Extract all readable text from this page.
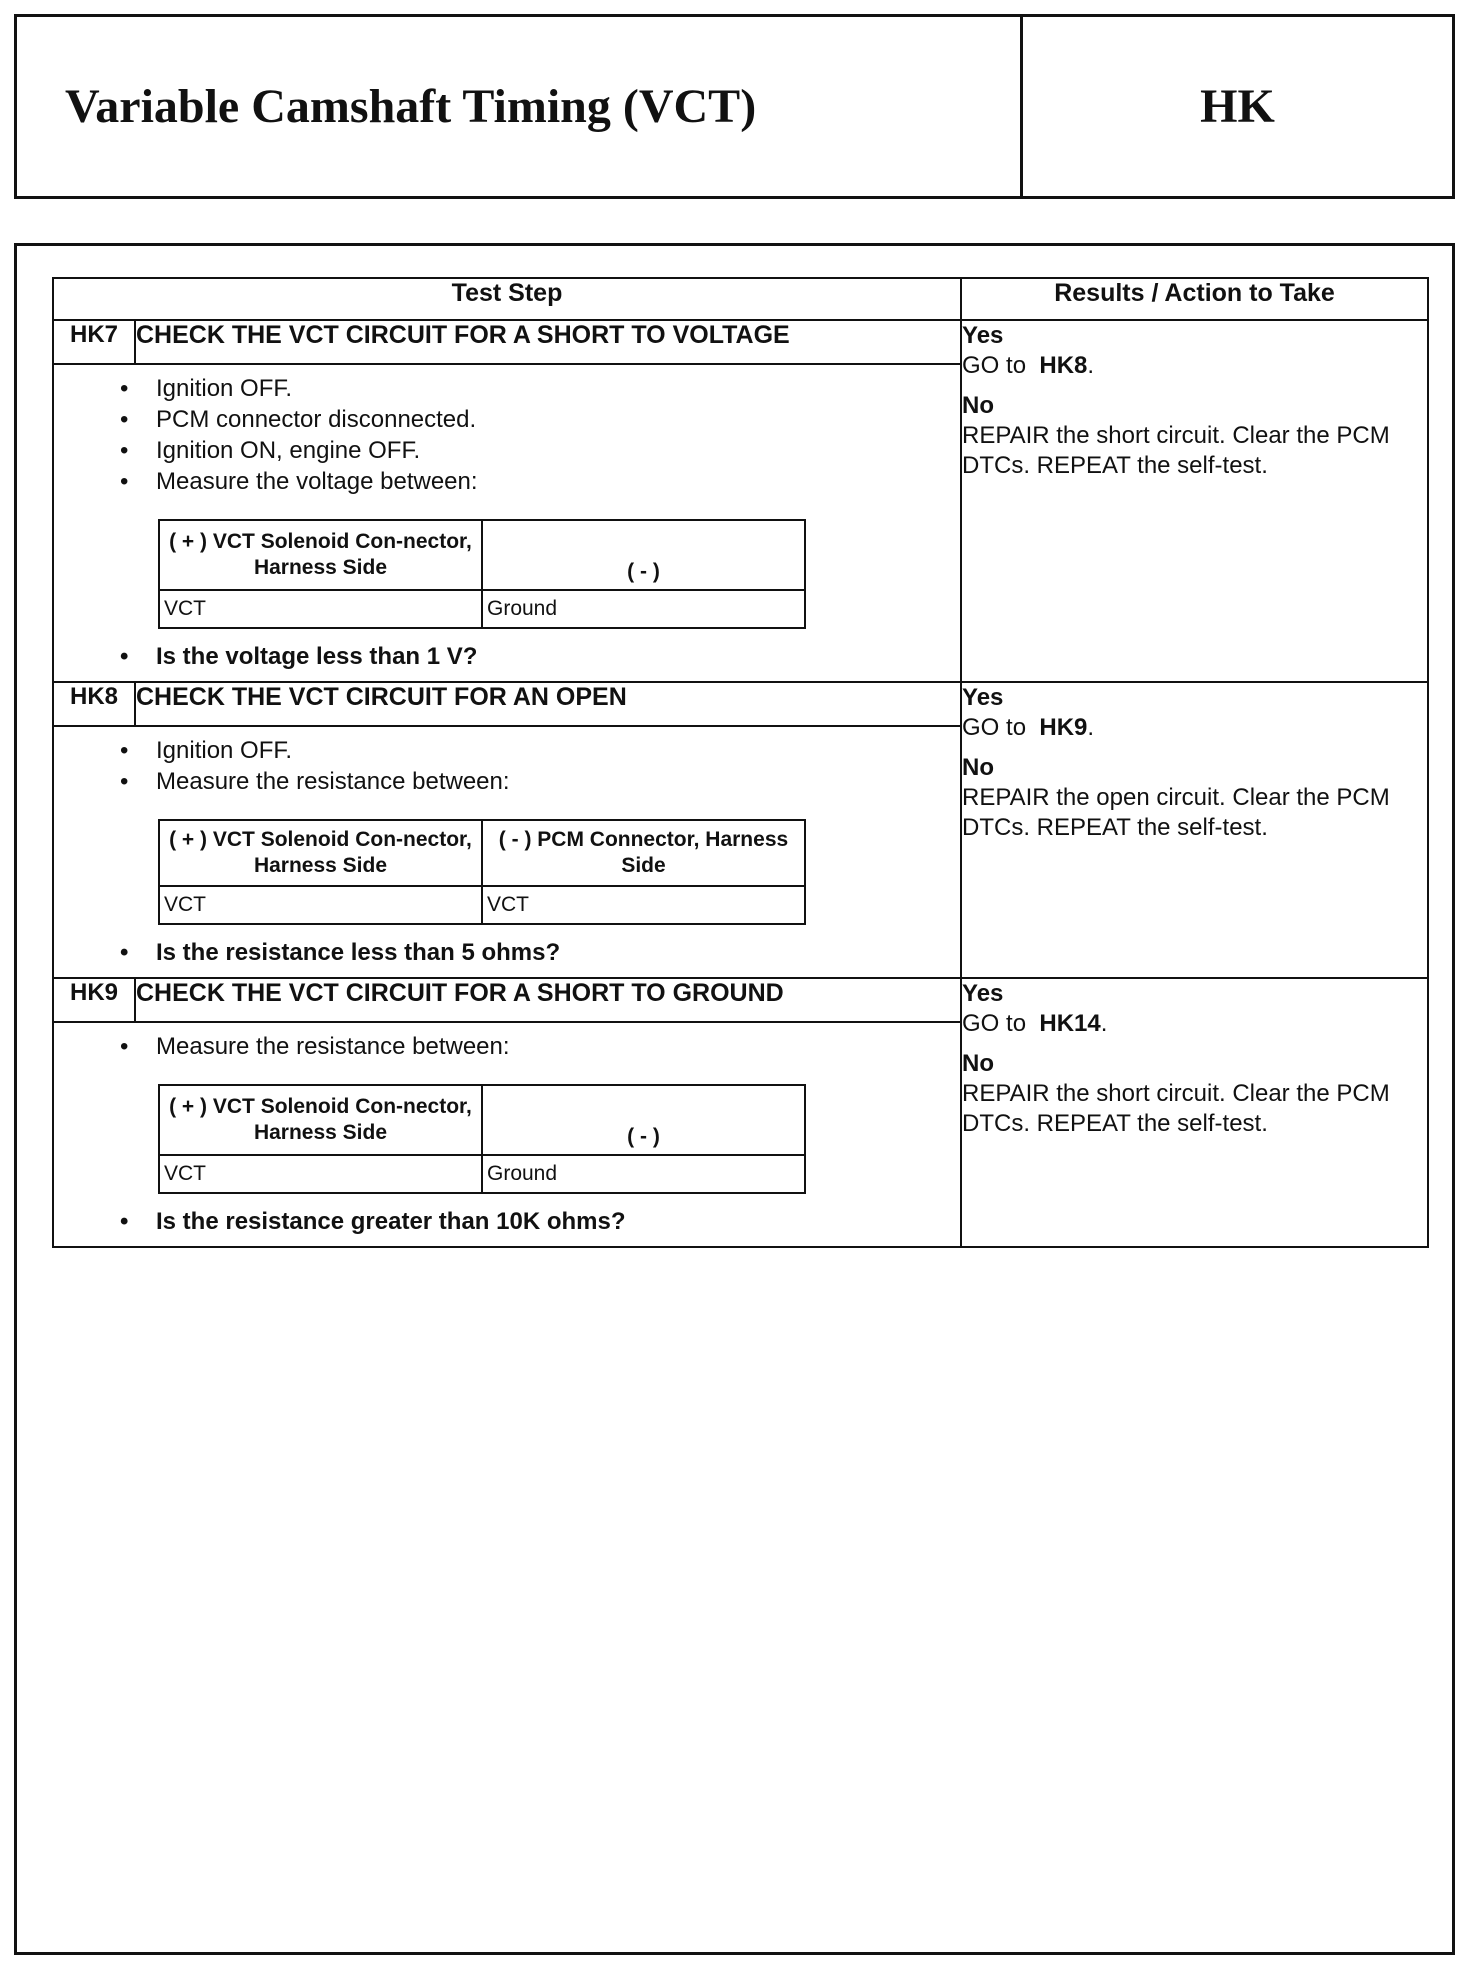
Variable Camshaft Timing (VCT)	HK
Test Step	Results / Action to Take
HK7	CHECK THE VCT CIRCUIT FOR A SHORT TO VOLTAGE	Yes
GO to HK8.
No
REPAIR the short circuit. Clear the PCM DTCs. REPEAT the self-test.

• Ignition OFF.
• PCM connector disconnected.
• Ignition ON, engine OFF.
• Measure the voltage between:
( + ) VCT Solenoid Con-nector, Harness Side	( - )
VCT	Ground
• Is the voltage less than 1 V?

HK8	CHECK THE VCT CIRCUIT FOR AN OPEN	Yes
GO to HK9.
No
REPAIR the open circuit. Clear the PCM DTCs. REPEAT the self-test.

• Ignition OFF.
• Measure the resistance between:
( + ) VCT Solenoid Con-nector, Harness Side	( - ) PCM Connector, Harness Side
VCT	VCT
• Is the resistance less than 5 ohms?

HK9	CHECK THE VCT CIRCUIT FOR A SHORT TO GROUND	Yes
GO to HK14.
No
REPAIR the short circuit. Clear the PCM DTCs. REPEAT the self-test.

• Measure the resistance between:
( + ) VCT Solenoid Con-nector, Harness Side	( - )
VCT	Ground
• Is the resistance greater than 10K ohms?
